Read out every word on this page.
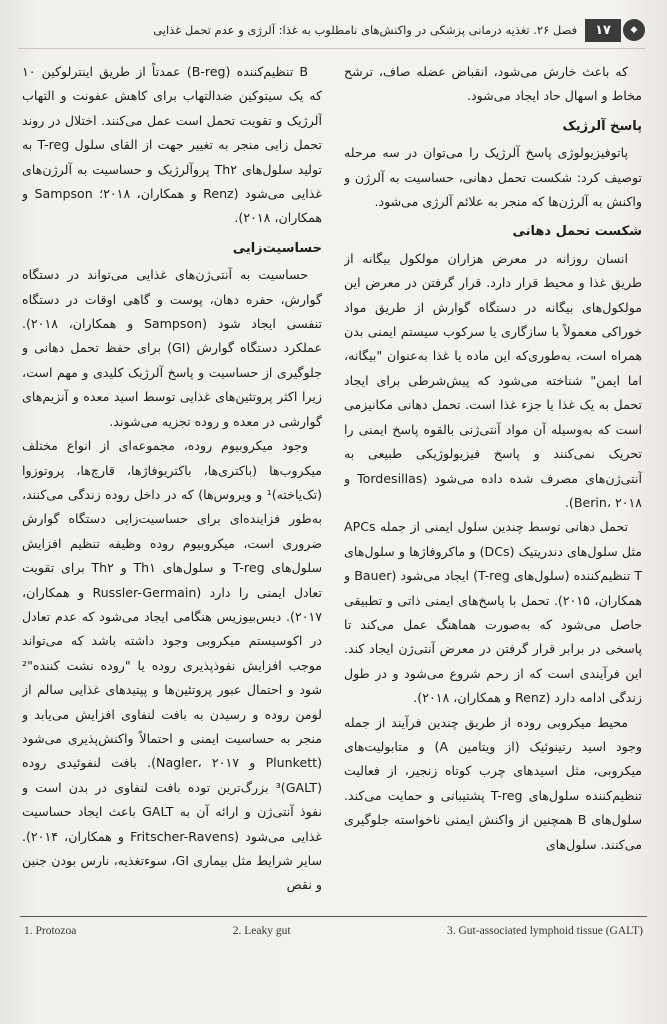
◆
۱۷
فصل ۲۶. تغذیه درمانی پزشکی در واکنش‌های نامطلوب به غذا: آلرژی و عدم تحمل غذایی

که باعث خارش می‌شود، انقباض عضله صاف، ترشح مخاط و اسهال حاد ایجاد می‌شود.

پاسخ آلرژیک

پاتوفیزیولوژی پاسخ آلرژیک را می‌توان در سه مرحله توصیف کرد: شکست تحمل دهانی، حساسیت به آلرژن و واکنش به آلرژن‌ها که منجر به علائم آلرژی می‌شود.

شکست تحمل دهانی

انسان روزانه در معرض هزاران مولکول بیگانه از طریق غذا و محیط قرار دارد. قرار گرفتن در معرض این مولکول‌های بیگانه در دستگاه گوارش از طریق مواد خوراکی معمولاً با سازگاری یا سرکوب سیستم ایمنی بدن همراه است، به‌طوری‌که این ماده یا غذا به‌عنوان "بیگانه، اما ایمن" شناخته می‌شود که پیش‌شرطی برای ایجاد تحمل به یک غذا یا جزء غذا است. تحمل دهانی مکانیزمی است که به‌وسیله آن مواد آنتی‌ژنی بالقوه پاسخ ایمنی را تحریک نمی‌کنند و پاسخ فیزیولوژیکی طبیعی به آنتی‌ژن‌های مصرف شده داده می‌شود (Tordesillas و Berin، ۲۰۱۸).

تحمل دهانی توسط چندین سلول ایمنی از جمله APCs مثل سلول‌های دندریتیک (DCs) و ماکروفاژها و سلول‌های T تنظیم‌کننده (سلول‌های T-reg) ایجاد می‌شود (Bauer و همکاران، ۲۰۱۵). تحمل با پاسخ‌های ایمنی ذاتی و تطبیقی حاصل می‌شود که به‌صورت هماهنگ عمل می‌کند تا پاسخی در برابر قرار گرفتن در معرض آنتی‌ژن ایجاد کند. این فرآیندی است که از رحم شروع می‌شود و در طول زندگی ادامه دارد (Renz و همکاران، ۲۰۱۸).

محیط میکروبی روده از طریق چندین فرآیند از جمله وجود اسید رتینوئیک (از ویتامین A) و متابولیت‌های میکروبی، مثل اسیدهای چرب کوتاه زنجیر، از فعالیت تنظیم‌کننده سلول‌های T-reg پشتیبانی و حمایت می‌کند. سلول‌های B همچنین از واکنش ایمنی ناخواسته جلوگیری می‌کنند. سلول‌های

B تنظیم‌کننده (B-reg) عمدتاً از طریق اینترلوکین ۱۰ که یک سیتوکین ضدالتهاب برای کاهش عفونت و التهاب آلرژیک و تقویت تحمل است عمل می‌کنند. اختلال در روند تحمل زایی منجر به تغییر جهت از القای سلول T-reg به تولید سلول‌های Th۲ پروآلرژیک و حساسیت به آلرژن‌های غذایی می‌شود (Renz و همکاران، ۲۰۱۸؛ Sampson و همکاران، ۲۰۱۸).

حساسیت‌زایی

حساسیت به آنتی‌ژن‌های غذایی می‌تواند در دستگاه گوارش، حفره دهان، پوست و گاهی اوقات در دستگاه تنفسی ایجاد شود (Sampson و همکاران، ۲۰۱۸). عملکرد دستگاه گوارش (GI) برای حفظ تحمل دهانی و جلوگیری از حساسیت و پاسخ آلرژیک کلیدی و مهم است، زیرا اکثر پروتئین‌های غذایی توسط اسید معده و آنزیم‌های گوارشی در معده و روده تجزیه می‌شوند.

وجود میکروبیوم روده، مجموعه‌ای از انواع مختلف میکروب‌ها (باکتری‌ها، باکتریوفاژها، قارچ‌ها، پروتوزوا (تک‌یاخته)¹ و ویروس‌ها) که در داخل روده زندگی می‌کنند، به‌طور فزاینده‌ای برای حساسیت‌زایی دستگاه گوارش ضروری است، میکروبیوم روده وظیفه تنظیم افزایش سلول‌های T-reg و سلول‌های Th۱ و Th۲ برای تقویت تعادل ایمنی را دارد (Russler-Germain و همکاران، ۲۰۱۷). دیس‌بیوزیس هنگامی ایجاد می‌شود که عدم تعادل در اکوسیستم میکروبی وجود داشته باشد که می‌تواند موجب افزایش نفوذپذیری روده یا "روده نشت کننده"² شود و احتمال عبور پروتئین‌ها و پپتیدهای غذایی سالم از لومن روده و رسیدن به بافت لنفاوی افزایش می‌یابد و منجر به حساسیت ایمنی و احتمالاً واکنش‌پذیری می‌شود (Plunkett و Nagler، ۲۰۱۷). بافت لنفوئیدی روده (GALT)³ بزرگ‌ترین توده بافت لنفاوی در بدن است و نفوذ آنتی‌ژن و ارائه آن به GALT باعث ایجاد حساسیت غذایی می‌شود (Fritscher-Ravens و همکاران، ۲۰۱۴). سایر شرایط مثل بیماری GI، سوءتغذیه، نارس بودن جنین و نقص

1. Protozoa	2. Leaky gut	3. Gut-associated lymphoid tissue (GALT)
